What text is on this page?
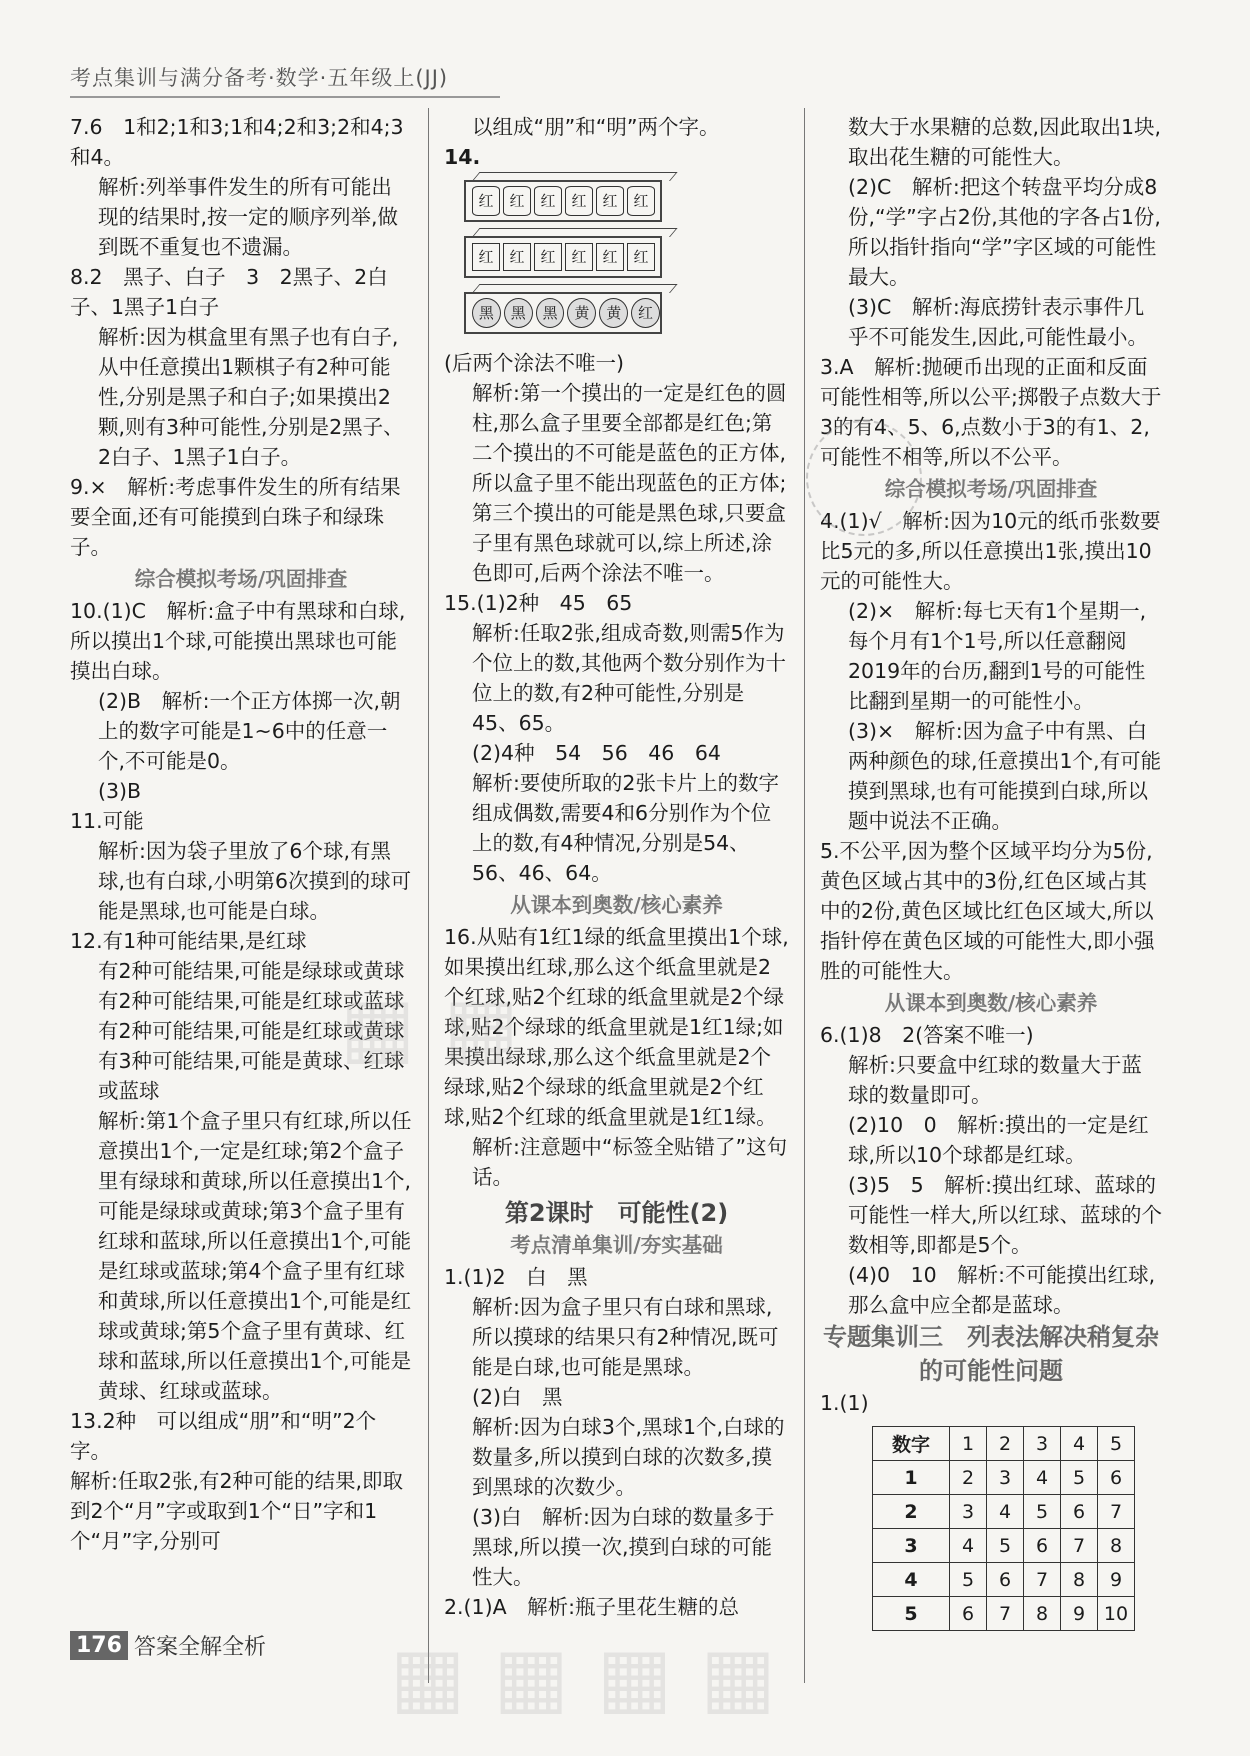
考点集训与满分备考·数学·五年级上(JJ)

7.6　1和2;1和3;1和4;2和3;2和4;3和4。

解析:列举事件发生的所有可能出现的结果时,按一定的顺序列举,做到既不重复也不遗漏。

8.2　黑子、白子　3　2黑子、2白子、1黑子1白子

解析:因为棋盒里有黑子也有白子,从中任意摸出1颗棋子有2种可能性,分别是黑子和白子;如果摸出2颗,则有3种可能性,分别是2黑子、2白子、1黑子1白子。

9.×　解析:考虑事件发生的所有结果要全面,还有可能摸到白珠子和绿珠子。

综合模拟考场/巩固排查

10.(1)C　解析:盒子中有黑球和白球,所以摸出1个球,可能摸出黑球也可能摸出白球。

(2)B　解析:一个正方体掷一次,朝上的数字可能是1~6中的任意一个,不可能是0。

(3)B

11.可能

解析:因为袋子里放了6个球,有黑球,也有白球,小明第6次摸到的球可能是黑球,也可能是白球。

12.有1种可能结果,是红球

有2种可能结果,可能是绿球或黄球

有2种可能结果,可能是红球或蓝球

有2种可能结果,可能是红球或黄球

有3种可能结果,可能是黄球、红球或蓝球

解析:第1个盒子里只有红球,所以任意摸出1个,一定是红球;第2个盒子里有绿球和黄球,所以任意摸出1个,可能是绿球或黄球;第3个盒子里有红球和蓝球,所以任意摸出1个,可能是红球或蓝球;第4个盒子里有红球和黄球,所以任意摸出1个,可能是红球或黄球;第5个盒子里有黄球、红球和蓝球,所以任意摸出1个,可能是黄球、红球或蓝球。

13.2种　可以组成“朋”和“明”2个字。

解析:任取2张,有2种可能的结果,即取到2个“月”字或取到1个“日”字和1个“月”字,分别可

以组成“朋”和“明”两个字。

14.
红	红	红	红	红	红
红	红	红	红	红	红
黑	黑	黑	黄	黄	红

(后两个涂法不唯一)

解析:第一个摸出的一定是红色的圆柱,那么盒子里要全部都是红色;第二个摸出的不可能是蓝色的正方体,所以盒子里不能出现蓝色的正方体;第三个摸出的可能是黑色球,只要盒子里有黑色球就可以,综上所述,涂色即可,后两个涂法不唯一。

15.(1)2种　45　65

解析:任取2张,组成奇数,则需5作为个位上的数,其他两个数分别作为十位上的数,有2种可能性,分别是45、65。

(2)4种　54　56　46　64

解析:要使所取的2张卡片上的数字组成偶数,需要4和6分别作为个位上的数,有4种情况,分别是54、56、46、64。

从课本到奥数/核心素养

16.从贴有1红1绿的纸盒里摸出1个球,如果摸出红球,那么这个纸盒里就是2个红球,贴2个红球的纸盒里就是2个绿球,贴2个绿球的纸盒里就是1红1绿;如果摸出绿球,那么这个纸盒里就是2个绿球,贴2个绿球的纸盒里就是2个红球,贴2个红球的纸盒里就是1红1绿。

解析:注意题中“标签全贴错了”这句话。

第2课时　可能性(2)

考点清单集训/夯实基础

1.(1)2　白　黑

解析:因为盒子里只有白球和黑球,所以摸球的结果只有2种情况,既可能是白球,也可能是黑球。

(2)白　黑

解析:因为白球3个,黑球1个,白球的数量多,所以摸到白球的次数多,摸到黑球的次数少。

(3)白　解析:因为白球的数量多于黑球,所以摸一次,摸到白球的可能性大。

2.(1)A　解析:瓶子里花生糖的总

数大于水果糖的总数,因此取出1块,取出花生糖的可能性大。

(2)C　解析:把这个转盘平均分成8份,“学”字占2份,其他的字各占1份,所以指针指向“学”字区域的可能性最大。

(3)C　解析:海底捞针表示事件几乎不可能发生,因此,可能性最小。

3.A　解析:抛硬币出现的正面和反面可能性相等,所以公平;掷骰子点数大于3的有4、5、6,点数小于3的有1、2,可能性不相等,所以不公平。

综合模拟考场/巩固排查

4.(1)√　解析:因为10元的纸币张数要比5元的多,所以任意摸出1张,摸出10元的可能性大。

(2)×　解析:每七天有1个星期一,每个月有1个1号,所以任意翻阅2019年的台历,翻到1号的可能性比翻到星期一的可能性小。

(3)×　解析:因为盒子中有黑、白两种颜色的球,任意摸出1个,有可能摸到黑球,也有可能摸到白球,所以题中说法不正确。

5.不公平,因为整个区域平均分为5份,黄色区域占其中的3份,红色区域占其中的2份,黄色区域比红色区域大,所以指针停在黄色区域的可能性大,即小强胜的可能性大。

从课本到奥数/核心素养

6.(1)8　2(答案不唯一)

解析:只要盒中红球的数量大于蓝球的数量即可。

(2)10　0　解析:摸出的一定是红球,所以10个球都是红球。

(3)5　5　解析:摸出红球、蓝球的可能性一样大,所以红球、蓝球的个数相等,即都是5个。

(4)0　10　解析:不可能摸出红球,那么盒中应全都是蓝球。

专题集训三　列表法解决稍复杂的可能性问题

1.(1)

数字	1	2	3	4	5
1	2	3	4	5	6
2	3	4	5	6	7
3	4	5	6	7	8
4	5	6	7	8	9
5	6	7	8	9	10
▦ ▦
▦ ▦ ▦ ▦
176 答案全解全析
